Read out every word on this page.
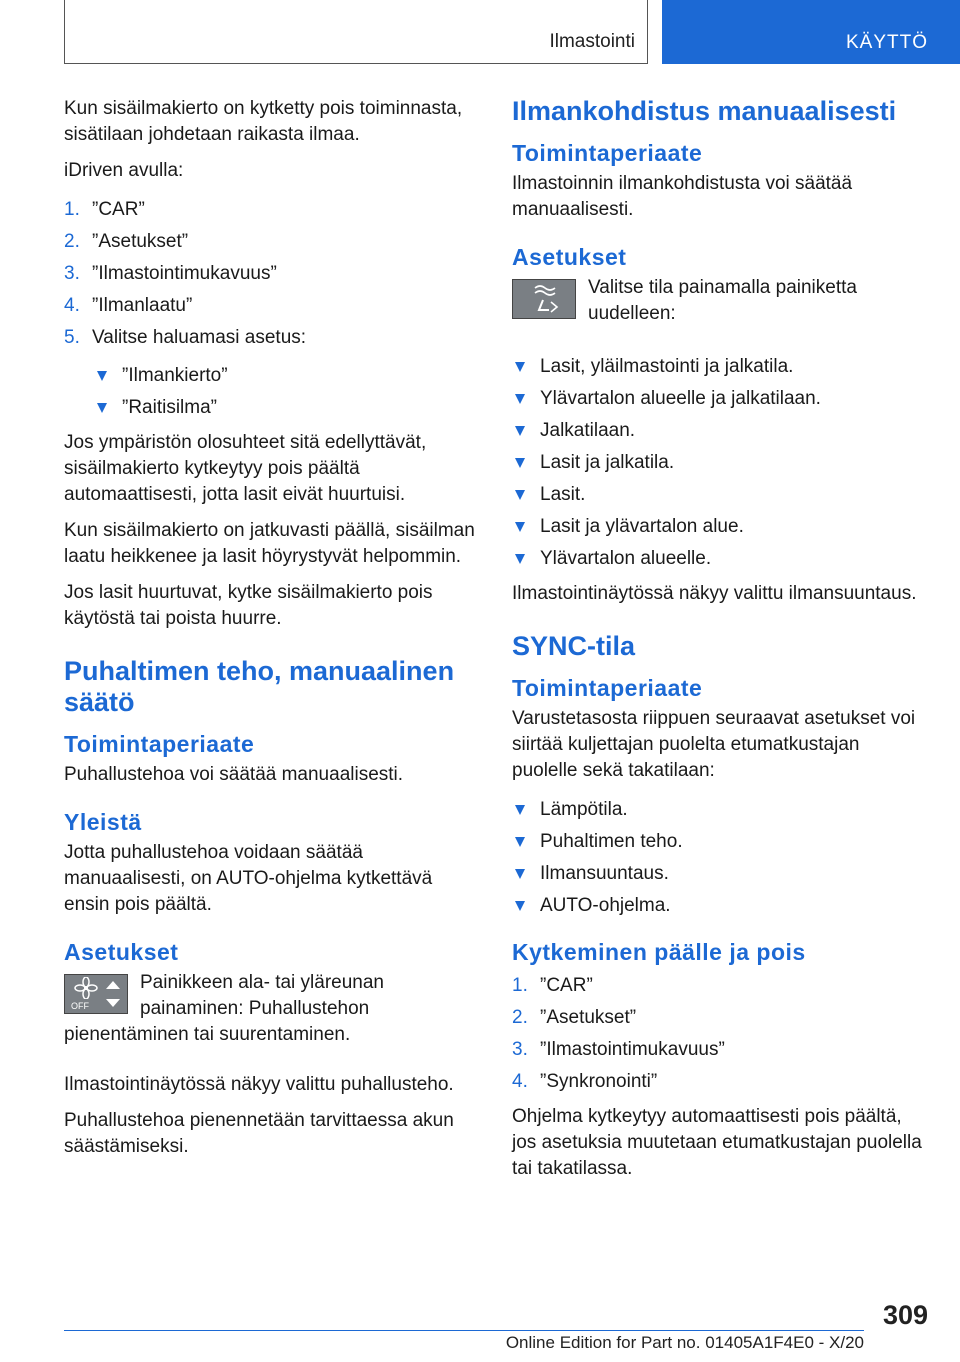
Ilmastointi	KÄYTTÖ

Kun sisäilmakierto on kytketty pois toiminnasta, sisätilaan johdetaan raikasta ilmaa.

iDriven avulla:

1. ”CAR”
2. ”Asetukset”
3. ”Ilmastointimukavuus”
4. ”Ilmanlaatu”
5. Valitse haluamasi asetus:
”Ilmankierto”
”Raitisilma”

Jos ympäristön olosuhteet sitä edellyttävät, sisäilmakierto kytkeytyy pois päältä automaattisesti, jotta lasit eivät huurtuisi.

Kun sisäilmakierto on jatkuvasti päällä, sisäilman laatu heikkenee ja lasit höyrystyvät helpommin.

Jos lasit huurtuvat, kytke sisäilmakierto pois käytöstä tai poista huurre.

Puhaltimen teho, manuaalinen säätö
Toimintaperiaate

Puhallustehoa voi säätää manuaalisesti.

Yleistä

Jotta puhallustehoa voidaan säätää manuaalisesti, on AUTO-ohjelma kytkettävä ensin pois päältä.

Asetukset
OFF

Painikkeen ala- tai yläreunan painaminen: Puhallustehon pienentäminen tai suurentaminen.

Ilmastointinäytössä näkyy valittu puhallusteho.

Puhallustehoa pienennetään tarvittaessa akun säästämiseksi.

Ilmankohdistus manuaalisesti
Toimintaperiaate

Ilmastoinnin ilmankohdistusta voi säätää manuaalisesti.

Asetukset

Valitse tila painamalla painiketta uudelleen:

Lasit, yläilmastointi ja jalkatila.
Ylävartalon alueelle ja jalkatilaan.
Jalkatilaan.
Lasit ja jalkatila.
Lasit.
Lasit ja ylävartalon alue.
Ylävartalon alueelle.

Ilmastointinäytössä näkyy valittu ilmansuuntaus.

SYNC-tila
Toimintaperiaate

Varustetasosta riippuen seuraavat asetukset voi siirtää kuljettajan puolelta etumatkustajan puolelle sekä takatilaan:

Lämpötila.
Puhaltimen teho.
Ilmansuuntaus.
AUTO-ohjelma.
Kytkeminen päälle ja pois
1. ”CAR”
2. ”Asetukset”
3. ”Ilmastointimukavuus”
4. ”Synkronointi”

Ohjelma kytkeytyy automaattisesti pois päältä, jos asetuksia muutetaan etumatkustajan puolella tai takatilassa.

309
Online Edition for Part no. 01405A1F4E0 - X/20
